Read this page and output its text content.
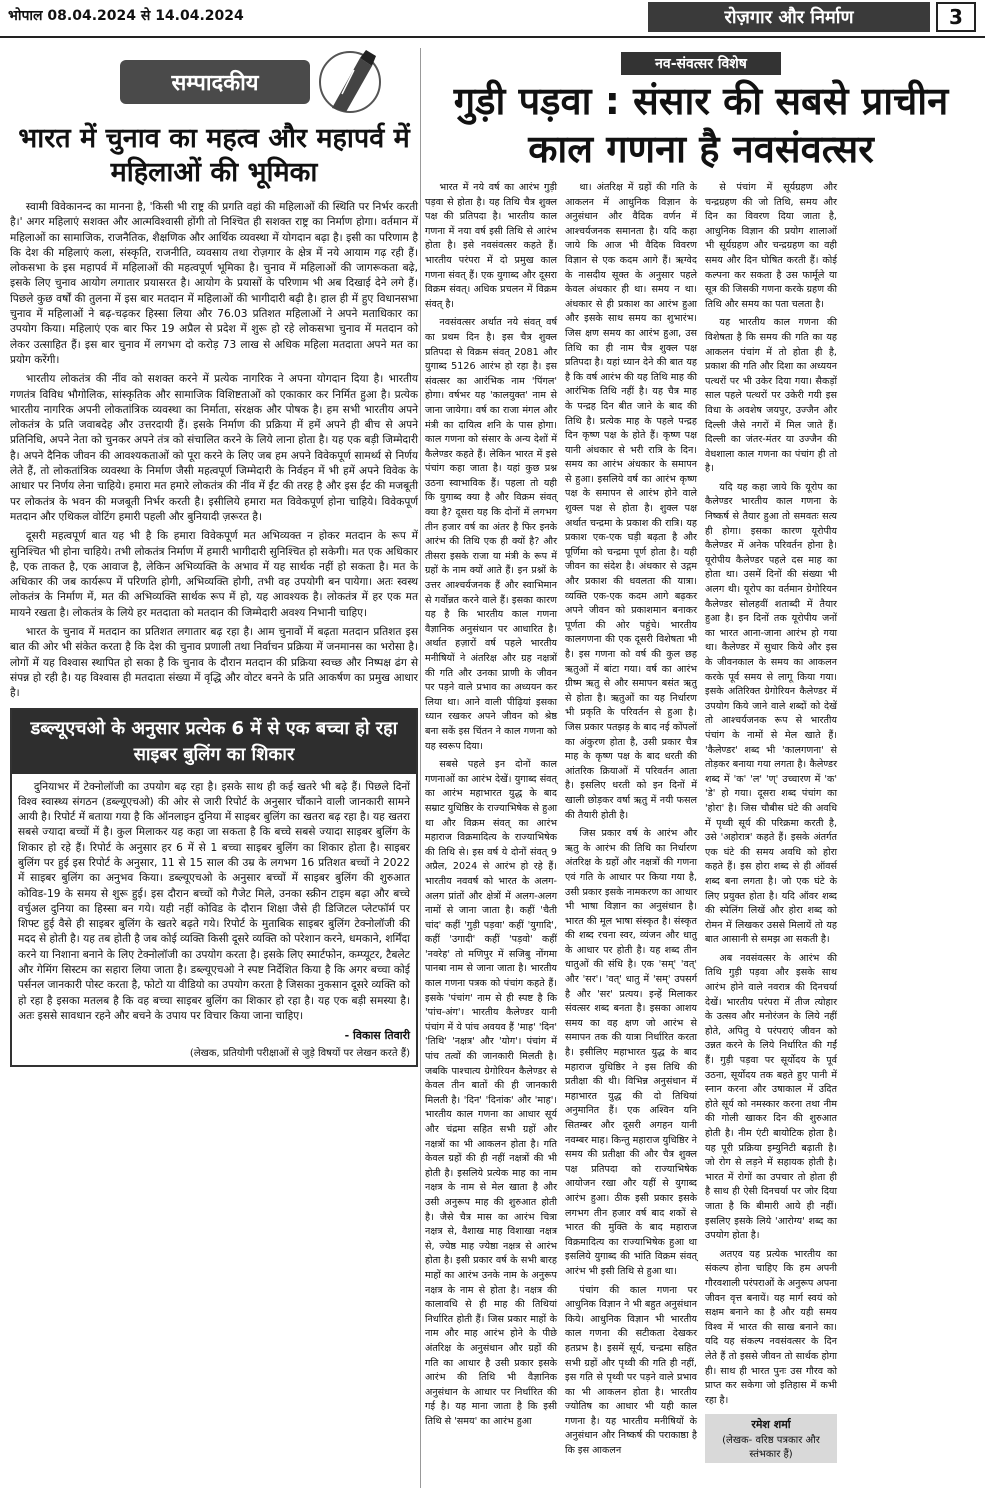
भोपाल 08.04.2024 से 14.04.2024	रोज़गार और निर्माण	3
सम्पादकीय
भारत में चुनाव का महत्व और महापर्व में महिलाओं की भूमिका

स्वामी विवेकानन्द का मानना है, 'किसी भी राष्ट्र की प्रगति वहां की महिलाओं की स्थिति पर निर्भर करती है।' अगर महिलाएं सशक्त और आत्मविश्वासी होंगी तो निश्चित ही सशक्त राष्ट्र का निर्माण होगा। वर्तमान में महिलाओं का सामाजिक, राजनैतिक, शैक्षणिक और आर्थिक व्यवस्था में योगदान बढ़ा है। इसी का परिणाम है कि देश की महिलाएं कला, संस्कृति, राजनीति, व्यवसाय तथा रोज़गार के क्षेत्र में नये आयाम गढ़ रही हैं। लोकसभा के इस महापर्व में महिलाओं की महत्वपूर्ण भूमिका है। चुनाव में महिलाओं की जागरूकता बढ़े, इसके लिए चुनाव आयोग लगातार प्रयासरत है। आयोग के प्रयासों के परिणाम भी अब दिखाई देने लगे हैं। पिछले कुछ वर्षों की तुलना में इस बार मतदान में महिलाओं की भागीदारी बढ़ी है। हाल ही में हुए विधानसभा चुनाव में महिलाओं ने बढ़-चढ़कर हिस्सा लिया और 76.03 प्रतिशत महिलाओं ने अपने मताधिकार का उपयोग किया। महिलाएं एक बार फिर 19 अप्रैल से प्रदेश में शुरू हो रहे लोकसभा चुनाव में मतदान को लेकर उत्साहित हैं। इस बार चुनाव में लगभग दो करोड़ 73 लाख से अधिक महिला मतदाता अपने मत का प्रयोग करेंगी।

भारतीय लोकतंत्र की नींव को सशक्त करने में प्रत्येक नागरिक ने अपना योगदान दिया है। भारतीय गणतंत्र विविध भौगोलिक, सांस्कृतिक और सामाजिक विशिष्टताओं को एकाकार कर निर्मित हुआ है। प्रत्येक भारतीय नागरिक अपनी लोकतांत्रिक व्यवस्था का निर्माता, संरक्षक और पोषक है। हम सभी भारतीय अपने लोकतंत्र के प्रति जवाबदेह और उत्तरदायी हैं। इसके निर्माण की प्रक्रिया में हमें अपने ही बीच से अपने प्रतिनिधि, अपने नेता को चुनकर अपने तंत्र को संचालित करने के लिये लाना होता है। यह एक बड़ी जिम्मेदारी है। अपने दैनिक जीवन की आवश्यकताओं को पूरा करने के लिए जब हम अपने विवेकपूर्ण सामर्थ्य से निर्णय लेते हैं, तो लोकतांत्रिक व्यवस्था के निर्माण जैसी महत्वपूर्ण जिम्मेदारी के निर्वहन में भी हमें अपने विवेक के आधार पर निर्णय लेना चाहिये। हमारा मत हमारे लोकतंत्र की नींव में ईंट की तरह है और इस ईंट की मजबूती पर लोकतंत्र के भवन की मजबूती निर्भर करती है। इसीलिये हमारा मत विवेकपूर्ण होना चाहिये। विवेकपूर्ण मतदान और एथिकल वोटिंग हमारी पहली और बुनियादी ज़रूरत है।

दूसरी महत्वपूर्ण बात यह भी है कि हमारा विवेकपूर्ण मत अभिव्यक्त न होकर मतदान के रूप में सुनिश्चित भी होना चाहिये। तभी लोकतंत्र निर्माण में हमारी भागीदारी सुनिश्चित हो सकेगी। मत एक अधिकार है, एक ताकत है, एक आवाज है, लेकिन अभिव्यक्ति के अभाव में यह सार्थक नहीं हो सकता है। मत के अधिकार की जब कार्यरूप में परिणति होगी, अभिव्यक्ति होगी, तभी वह उपयोगी बन पायेगा। अतः स्वस्थ लोकतंत्र के निर्माण में, मत की अभिव्यक्ति सार्थक रूप में हो, यह आवश्यक है। लोकतंत्र में हर एक मत मायने रखता है। लोकतंत्र के लिये हर मतदाता को मतदान की जिम्मेदारी अवश्य निभानी चाहिए।

भारत के चुनाव में मतदान का प्रतिशत लगातार बढ़ रहा है। आम चुनावों में बढ़ता मतदान प्रतिशत इस बात की ओर भी संकेत करता है कि देश की चुनाव प्रणाली तथा निर्वाचन प्रक्रिया में जनमानस का भरोसा है। लोगों में यह विश्वास स्थापित हो सका है कि चुनाव के दौरान मतदान की प्रक्रिया स्वच्छ और निष्पक्ष ढंग से संपन्न हो रही है। यह विश्वास ही मतदाता संख्या में वृद्धि और वोटर बनने के प्रति आकर्षण का प्रमुख आधार है।

डब्ल्यूएचओ के अनुसार प्रत्येक 6 में से एक बच्चा हो रहा साइबर बुलिंग का शिकार

दुनियाभर में टेक्नोलॉजी का उपयोग बढ़ रहा है। इसके साथ ही कई खतरे भी बढ़े हैं। पिछले दिनों विश्व स्वास्थ्य संगठन (डब्ल्यूएचओ) की ओर से जारी रिपोर्ट के अनुसार चौंकाने वाली जानकारी सामने आयी है। रिपोर्ट में बताया गया है कि ऑनलाइन दुनिया में साइबर बुलिंग का खतरा बढ़ रहा है। यह खतरा सबसे ज्यादा बच्चों में है। कुल मिलाकर यह कहा जा सकता है कि बच्चे सबसे ज्यादा साइबर बुलिंग के शिकार हो रहे हैं। रिपोर्ट के अनुसार हर 6 में से 1 बच्चा साइबर बुलिंग का शिकार होता है। साइबर बुलिंग पर हुई इस रिपोर्ट के अनुसार, 11 से 15 साल की उम्र के लगभग 16 प्रतिशत बच्चों ने 2022 में साइबर बुलिंग का अनुभव किया। डब्ल्यूएचओ के अनुसार बच्चों में साइबर बुलिंग की शुरुआत कोविड-19 के समय से शुरू हुई। इस दौरान बच्चों को गैजेट मिले, उनका स्क्रीन टाइम बढ़ा और बच्चे वर्चुअल दुनिया का हिस्सा बन गये। यही नहीं कोविड के दौरान शिक्षा जैसे ही डिजिटल प्लेटफॉर्म पर शिफ्ट हुई वैसे ही साइबर बुलिंग के खतरे बढ़ते गये। रिपोर्ट के मुताबिक साइबर बुलिंग टेक्नोलॉजी की मदद से होती है। यह तब होती है जब कोई व्यक्ति किसी दूसरे व्यक्ति को परेशान करने, धमकाने, शर्मिंदा करने या निशाना बनाने के लिए टेक्नोलॉजी का उपयोग करता है। इसके लिए स्मार्टफोन, कम्प्यूटर, टैबलेट और गेमिंग सिस्टम का सहारा लिया जाता है। डब्ल्यूएचओ ने स्पष्ट निर्देशित किया है कि अगर बच्चा कोई पर्सनल जानकारी पोस्ट करता है, फोटो या वीडियो का उपयोग करता है जिसका नुकसान दूसरे व्यक्ति को हो रहा है इसका मतलब है कि वह बच्चा साइबर बुलिंग का शिकार हो रहा है। यह एक बड़ी समस्या है। अतः इससे सावधान रहने और बचने के उपाय पर विचार किया जाना चाहिए।

- विकास तिवारी

(लेखक, प्रतियोगी परीक्षाओं से जुड़े विषयों पर लेखन करते हैं)

नव-संवत्सर विशेष
गुड़ी पड़वा : संसार की सबसे प्राचीन काल गणना है नवसंवत्सर

भारत में नये वर्ष का आरंभ गुड़ी पड़वा से होता है। यह तिथि चैत्र शुक्ल पक्ष की प्रतिपदा है। भारतीय काल गणना में नया वर्ष इसी तिथि से आरंभ होता है। इसे नवसंवत्सर कहते हैं। भारतीय परंपरा में दो प्रमुख काल गणना संवत् हैं। एक युगाब्द और दूसरा विक्रम संवत्। अधिक प्रचलन में विक्रम संवत् है।

नवसंवत्सर अर्थात नये संवत् वर्ष का प्रथम दिन है। इस चैत्र शुक्ल प्रतिपदा से विक्रम संवत् 2081 और युगाब्द 5126 आरंभ हो रहा है। इस संवत्सर का आरंभिक नाम 'पिंगल' होगा। वर्षभर यह 'कालयुक्त' नाम से जाना जायेगा। वर्ष का राजा मंगल और मंत्री का दायित्व शनि के पास होगा। काल गणना को संसार के अन्य देशों में कैलेण्डर कहते हैं। लेकिन भारत में इसे पंचांग कहा जाता है। यहां कुछ प्रश्न उठना स्वाभाविक हैं। पहला तो यही कि युगाब्द क्या है और विक्रम संवत् क्या है? दूसरा यह कि दोनों में लगभग तीन हजार वर्ष का अंतर है फिर इनके आरंभ की तिथि एक ही क्यों है? और तीसरा इसके राजा या मंत्री के रूप में ग्रहों के नाम क्यों आते हैं। इन प्रश्नों के उत्तर आश्चर्यजनक हैं और स्वाभिमान से गर्वोन्नत करने वाले हैं। इसका कारण यह है कि भारतीय काल गणना वैज्ञानिक अनुसंधान पर आधारित है। अर्थात हज़ारों वर्ष पहले भारतीय मनीषियों ने अंतरिक्ष और ग्रह नक्षत्रों की गति और उनका प्राणी के जीवन पर पड़ने वाले प्रभाव का अध्ययन कर लिया था। आने वाली पीढ़ियां इसका ध्यान रखकर अपने जीवन को श्रेष्ठ बना सकें इस चिंतन ने काल गणना को यह स्वरूप दिया।

सबसे पहले इन दोनों काल गणनाओं का आरंभ देखें। युगाब्द संवत् का आरंभ महाभारत युद्ध के बाद सम्राट युधिष्ठिर के राज्याभिषेक से हुआ था और विक्रम संवत् का आरंभ महाराज विक्रमादित्य के राज्याभिषेक की तिथि से। इस वर्ष ये दोनों संवत् 9 अप्रैल, 2024 से आरंभ हो रहे हैं। भारतीय नववर्ष को भारत के अलग-अलग प्रांतों और क्षेत्रों में अलग-अलग नामों से जाना जाता है। कहीं 'चैती चांद' कहीं 'गुड़ी पड़वा' कहीं 'युगादि', कहीं 'उगादी' कहीं 'पड़वो' कहीं 'नवरेह' तो मणिपुर में सजिबु नोंगमा पानबा नाम से जाना जाता है। भारतीय काल गणना पत्रक को पंचांग कहते हैं। इसके 'पंचांग' नाम से ही स्पष्ट है कि 'पांच-अंग'। भारतीय कैलेण्डर यानी पंचांग में ये पांच अवयव हैं 'माह' 'दिन' 'तिथि' 'नक्षत्र' और 'योग'। पंचांग में पांच तत्वों की जानकारी मिलती है। जबकि पाश्चात्य ग्रेगोरियन कैलेण्डर से केवल तीन बातों की ही जानकारी मिलती है। 'दिन' 'दिनांक' और 'माह'। भारतीय काल गणना का आधार सूर्य और चंद्रमा सहित सभी ग्रहों और नक्षत्रों का भी आकलन होता है। गति केवल ग्रहों की ही नहीं नक्षत्रों की भी होती है। इसलिये प्रत्येक माह का नाम नक्षत्र के नाम से मेल खाता है और उसी अनुरूप माह की शुरुआत होती है। जैसे चैत्र मास का आरंभ चित्रा नक्षत्र से, वैशाख माह विशाखा नक्षत्र से, ज्येष्ठ माह ज्येष्ठा नक्षत्र से आरंभ होता है। इसी प्रकार वर्ष के सभी बारह माहों का आरंभ उनके नाम के अनुरूप नक्षत्र के नाम से होता है। नक्षत्र की कालावधि से ही माह की तिथियां निर्धारित होती हैं। जिस प्रकार माहों के नाम और माह आरंभ होने के पीछे अंतरिक्ष के अनुसंधान और ग्रहों की गति का आधार है उसी प्रकार इसके आरंभ की तिथि भी वैज्ञानिक अनुसंधान के आधार पर निर्धारित की गई है। यह माना जाता है कि इसी तिथि से 'समय' का आरंभ हुआ

था। अंतरिक्ष में ग्रहों की गति के आकलन में आधुनिक विज्ञान के अनुसंधान और वैदिक वर्णन में आश्चर्यजनक समानता है। यदि कहा जाये कि आज भी वैदिक विवरण विज्ञान से एक कदम आगे हैं। ऋग्वेद के नासदीय सूक्त के अनुसार पहले केवल अंधकार ही था। समय न था। अंधकार से ही प्रकाश का आरंभ हुआ और इसके साथ समय का शुभारंभ। जिस क्षण समय का आरंभ हुआ, उस तिथि का ही नाम चैत्र शुक्ल पक्ष प्रतिपदा है। यहां ध्यान देने की बात यह है कि वर्ष आरंभ की यह तिथि माह की आरंभिक तिथि नहीं है। यह चैत्र माह के पन्द्रह दिन बीत जाने के बाद की तिथि है। प्रत्येक माह के पहले पन्द्रह दिन कृष्ण पक्ष के होते हैं। कृष्ण पक्ष यानी अंधकार से भरी रात्रि के दिन। समय का आरंभ अंधकार के समापन से हुआ। इसलिये वर्ष का आरंभ कृष्ण पक्ष के समापन से आरंभ होने वाले शुक्ल पक्ष से होता है। शुक्ल पक्ष अर्थात चन्द्रमा के प्रकाश की रात्रि। यह प्रकाश एक-एक घड़ी बढ़ता है और पूर्णिमा को चन्द्रमा पूर्ण होता है। यही जीवन का संदेश है। अंधकार से उद्गम और प्रकाश की धवलता की यात्रा। व्यक्ति एक-एक कदम आगे बढ़कर अपने जीवन को प्रकाशमान बनाकर पूर्णता की ओर पहुंचे। भारतीय कालगणना की एक दूसरी विशेषता भी है। इस गणना को वर्ष की कुल छह ऋतुओं में बांटा गया। वर्ष का आरंभ ग्रीष्म ऋतु से और समापन बसंत ऋतु से होता है। ऋतुओं का यह निर्धारण भी प्रकृति के परिवर्तन से हुआ है। जिस प्रकार पतझड़ के बाद नई कोंपलों का अंकुरण होता है, उसी प्रकार चैत्र माह के कृष्ण पक्ष के बाद धरती की आंतरिक क्रियाओं में परिवर्तन आता है। इसलिए धरती को इन दिनों में खाली छोड़कर वर्षा ऋतु में नयी फसल की तैयारी होती है।

जिस प्रकार वर्ष के आरंभ और ऋतु के आरंभ की तिथि का निर्धारण अंतरिक्ष के ग्रहों और नक्षत्रों की गणना एवं गति के आधार पर किया गया है, उसी प्रकार इसके नामकरण का आधार भी भाषा विज्ञान का अनुसंधान है। भारत की मूल भाषा संस्कृत है। संस्कृत की शब्द रचना स्वर, व्यंजन और धातु के आधार पर होती है। यह शब्द तीन धातुओं की संधि है। एक 'सम्' 'वत्' और 'सर'। 'वत्' धातु में 'सम्' उपसर्ग है और 'सर' प्रत्यय। इन्हें मिलाकर संवत्सर शब्द बनता है। इसका आशय समय का वह क्षण जो आरंभ से समापन तक की यात्रा निर्धारित करता है। इसीलिए महाभारत युद्ध के बाद महाराज युधिष्ठिर ने इस तिथि की प्रतीक्षा की थी। विभिन्न अनुसंधान में महाभारत युद्ध की दो तिथियां अनुमानित हैं। एक अश्विन यनि सितम्बर और दूसरी अगहन यानी नवम्बर माह। किन्तु महाराज युधिष्ठिर ने समय की प्रतीक्षा की और चैत्र शुक्ल पक्ष प्रतिपदा को राज्याभिषेक आयोजन रखा और यहीं से युगाब्द आरंभ हुआ। ठीक इसी प्रकार इसके लगभग तीन हजार वर्ष बाद शकों से भारत की मुक्ति के बाद महाराज विक्रमादित्य का राज्याभिषेक हुआ था इसलिये युगाब्द की भांति विक्रम संवत् आरंभ भी इसी तिथि से हुआ था।

पंचांग की काल गणना पर आधुनिक विज्ञान ने भी बहुत अनुसंधान किये। आधुनिक विज्ञान भी भारतीय काल गणना की सटीकता देखकर हतप्रभ है। इसमें सूर्य, चन्द्रमा सहित सभी ग्रहों और पृथ्वी की गति ही नहीं, इस गति से पृथ्वी पर पड़ने वाले प्रभाव का भी आकलन होता है। भारतीय ज्योतिष का आधार भी यही काल गणना है। यह भारतीय मनीषियों के अनुसंधान और निष्कर्ष की पराकाष्ठा है कि इस आकलन

से पंचांग में सूर्यग्रहण और चन्द्रग्रहण की जो तिथि, समय और दिन का विवरण दिया जाता है, आधुनिक विज्ञान की प्रयोग शालाओं भी सूर्यग्रहण और चन्द्रग्रहण का वही समय और दिन घोषित करती हैं। कोई कल्पना कर सकता है उस फार्मूले या सूत्र की जिसकी गणना करके ग्रहण की तिथि और समय का पता चलता है।

यह भारतीय काल गणना की विशेषता है कि समय की गति का यह आकलन पंचांग में तो होता ही है, प्रकाश की गति और दिशा का अध्ययन पत्थरों पर भी उकेर दिया गया। सैकड़ों साल पहले पत्थरों पर उकेरी गयी इस विधा के अवशेष जयपुर, उज्जैन और दिल्ली जैसे नगरों में मिल जाते हैं। दिल्ली का जंतर-मंतर या उज्जैन की वेधशाला काल गणना का पंचांग ही तो है।

यदि यह कहा जाये कि यूरोप का कैलेण्डर भारतीय काल गणना के निष्कर्ष से तैयार हुआ तो समवतः सत्य ही होगा। इसका कारण यूरोपीय कैलेण्डर में अनेक परिवर्तन होना है। यूरोपीय कैलेण्डर पहले दस माह का होता था। उसमें दिनों की संख्या भी अलग थी। यूरोप का वर्तमान ग्रेगोरियन कैलेण्डर सोलहवीं शताब्दी में तैयार हुआ है। इन दिनों तक यूरोपीय जनों का भारत आना-जाना आरंभ हो गया था। कैलेण्डर में सुधार किये और इस के जीवनकाल के समय का आकलन करके पूर्व समय से लागू किया गया। इसके अतिरिक्त ग्रेगोरियन कैलेण्डर में उपयोग किये जाने वाले शब्दों को देखें तो आश्चर्यजनक रूप से भारतीय पंचांग के नामों से मेल खाते हैं। 'कैलेण्डर' शब्द भी 'कालगणना' से तोड़कर बनाया गया लगता है। कैलेण्डर शब्द में 'क' 'ल' 'ण्' उच्चारण में 'क' 'डे' हो गया। दूसरा शब्द पंचांग का 'होरा' है। जिस चौबीस घंटे की अवधि में पृथ्वी सूर्य की परिक्रमा करती है, उसे 'अहोरात्र' कहते हैं। इसके अंतर्गत एक घंटे की समय अवधि को होरा कहते हैं। इस होरा शब्द से ही ऑवर्स शब्द बना लगता है। जो एक घंटे के लिए प्रयुक्त होता है। यदि ऑवर शब्द की स्पेलिंग लिखें और होरा शब्द को रोमन में लिखकर उससे मिलायें तो यह बात आसानी से समझ आ सकती है।

अब नवसंवत्सर के आरंभ की तिथि गुड़ी पड़वा और इसके साथ आरंभ होने वाले नवरात्र की दिनचर्या देखें। भारतीय परंपरा में तीज त्योहार के उत्सव और मनोरंजन के लिये नहीं होते, अपितु ये परंपराएं जीवन को उन्नत करने के लिये निर्धारित की गईं हैं। गुड़ी पड़वा पर सूर्योदय के पूर्व उठना, सूर्योदय तक बहते हुए पानी में स्नान करना और उषाकाल में उदित होते सूर्य को नमस्कार करना तथा नीम की गोली खाकर दिन की शुरुआत होती है। नीम एंटी बायोटिक होता है। यह पूरी प्रक्रिया इम्युनिटी बढ़ाती है। जो रोग से लड़ने में सहायक होती है। भारत में रोगों का उपचार तो होता ही है साथ ही ऐसी दिनचर्या पर जोर दिया जाता है कि बीमारी आये ही नहीं। इसलिए इसके लिये 'आरोग्य' शब्द का उपयोग होता है।

अतएव यह प्रत्येक भारतीय का संकल्प होना चाहिए कि हम अपनी गौरवशाली परंपराओं के अनुरूप अपना जीवन वृत्त बनायें। यह मार्ग स्वयं को सक्षम बनाने का है और यही समय विश्व में भारत की साख बनाने का। यदि यह संकल्प नवसंवत्सर के दिन लेते हैं तो इससे जीवन तो सार्थक होगा ही। साथ ही भारत पुनः उस गौरव को प्राप्त कर सकेगा जो इतिहास में कभी रहा है।

रमेश शर्मा
(लेखक- वरिष्ठ पत्रकार और स्तंभकार हैं)
